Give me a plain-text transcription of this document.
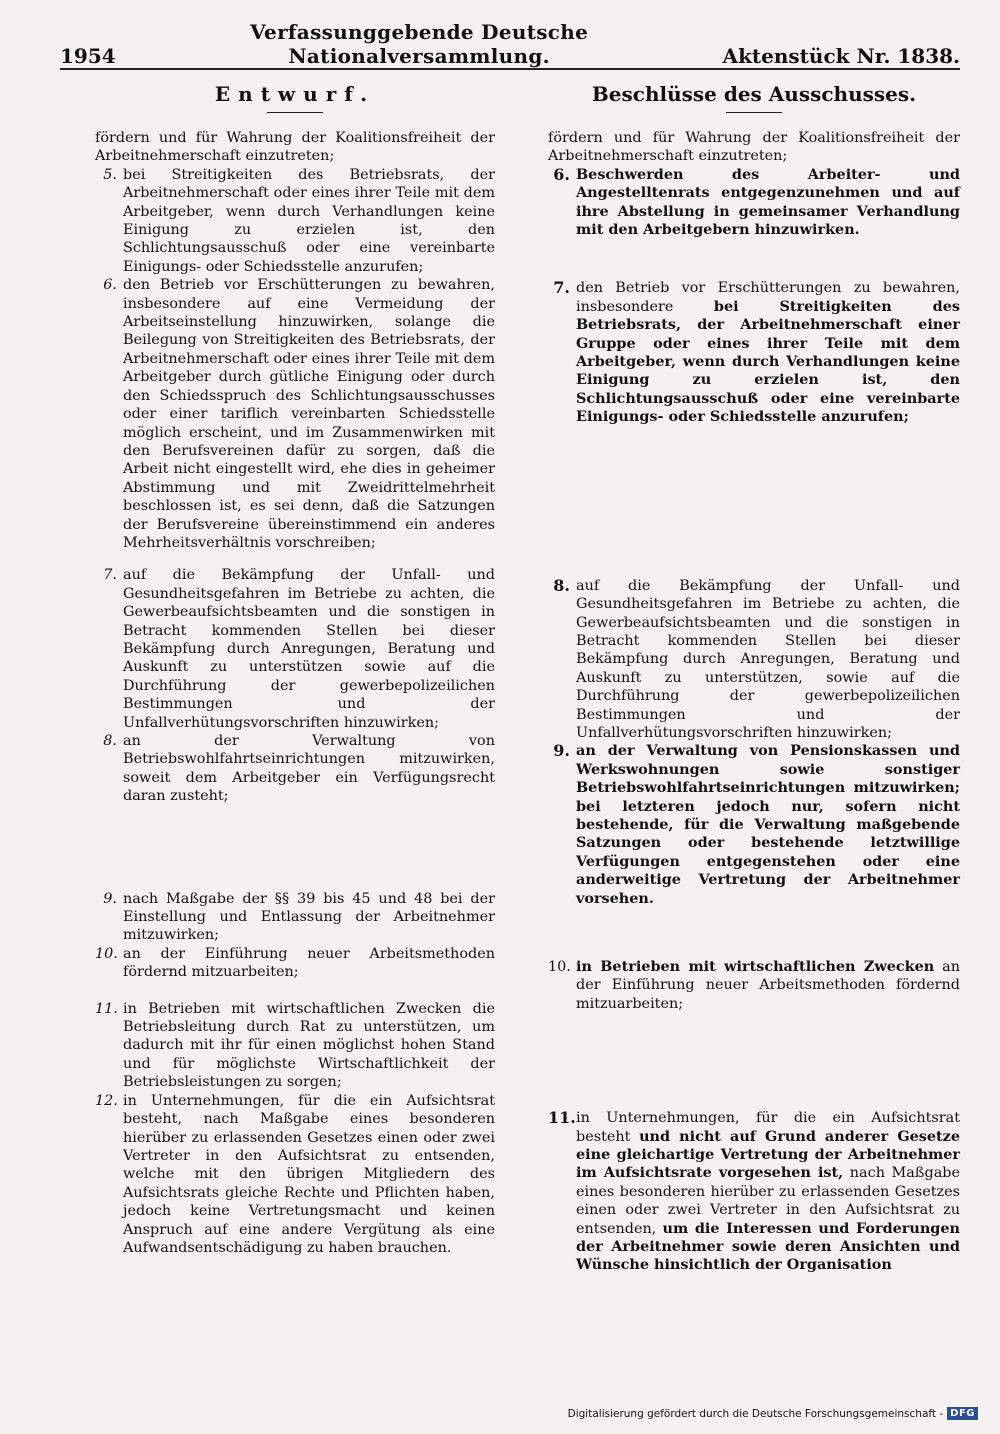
1954
Verfassunggebende Deutsche Nationalversammlung.	Aktenstück Nr. 1838.
Entwurf.

fördern und für Wahrung der Koalitionsfreiheit der Arbeitnehmerschaft einzutreten;

5. bei Streitigkeiten des Betriebsrats, der Arbeitnehmerschaft oder eines ihrer Teile mit dem Arbeitgeber, wenn durch Verhandlungen keine Einigung zu erzielen ist, den Schlichtungsausschuß oder eine vereinbarte Einigungs- oder Schiedsstelle anzurufen;
6. den Betrieb vor Erschütterungen zu bewahren, insbesondere auf eine Vermeidung der Arbeitseinstellung hinzuwirken, solange die Beilegung von Streitigkeiten des Betriebsrats, der Arbeitnehmerschaft oder eines ihrer Teile mit dem Arbeitgeber durch gütliche Einigung oder durch den Schiedsspruch des Schlichtungsausschusses oder einer tariflich vereinbarten Schiedsstelle möglich erscheint, und im Zusammenwirken mit den Berufsvereinen dafür zu sorgen, daß die Arbeit nicht eingestellt wird, ehe dies in geheimer Abstimmung und mit Zweidrittelmehrheit beschlossen ist, es sei denn, daß die Satzungen der Berufsvereine übereinstimmend ein anderes Mehrheitsverhältnis vorschreiben;
7. auf die Bekämpfung der Unfall- und Gesundheitsgefahren im Betriebe zu achten, die Gewerbeaufsichtsbeamten und die sonstigen in Betracht kommenden Stellen bei dieser Bekämpfung durch Anregungen, Beratung und Auskunft zu unterstützen sowie auf die Durchführung der gewerbepolizeilichen Bestimmungen und der Unfallverhütungsvorschriften hinzuwirken;
8. an der Verwaltung von Betriebswohlfahrtseinrichtungen mitzuwirken, soweit dem Arbeitgeber ein Verfügungsrecht daran zusteht;
9. nach Maßgabe der §§ 39 bis 45 und 48 bei der Einstellung und Entlassung der Arbeitnehmer mitzuwirken;
10. an der Einführung neuer Arbeitsmethoden fördernd mitzuarbeiten;
11. in Betrieben mit wirtschaftlichen Zwecken die Betriebsleitung durch Rat zu unterstützen, um dadurch mit ihr für einen möglichst hohen Stand und für möglichste Wirtschaftlichkeit der Betriebsleistungen zu sorgen;
12. in Unternehmungen, für die ein Aufsichtsrat besteht, nach Maßgabe eines besonderen hierüber zu erlassenden Gesetzes einen oder zwei Vertreter in den Aufsichtsrat zu entsenden, welche mit den übrigen Mitgliedern des Aufsichtsrats gleiche Rechte und Pflichten haben, jedoch keine Vertretungsmacht und keinen Anspruch auf eine andere Vergütung als eine Aufwandsentschädigung zu haben brauchen.
Beschlüsse des Ausschusses.

fördern und für Wahrung der Koalitionsfreiheit der Arbeitnehmerschaft einzutreten;

6. Beschwerden des Arbeiter- und Angestelltenrats entgegenzunehmen und auf ihre Abstellung in gemeinsamer Verhandlung mit den Arbeitgebern hinzuwirken.
7. den Betrieb vor Erschütterungen zu bewahren, insbesondere	bei Streitigkeiten des Betriebsrats, der Arbeitnehmerschaft einer Gruppe oder eines ihrer Teile mit dem Arbeitgeber, wenn durch Verhandlungen keine Einigung zu erzielen ist, den Schlichtungsausschuß oder eine vereinbarte Einigungs- oder Schiedsstelle anzurufen;
8. auf die Bekämpfung der Unfall- und Gesundheitsgefahren im Betriebe zu achten, die Gewerbeaufsichtsbeamten und die sonstigen in Betracht kommenden Stellen bei dieser Bekämpfung durch Anregungen, Beratung und Auskunft zu unterstützen, sowie auf die Durchführung der gewerbepolizeilichen Bestimmungen und der Unfallverhütungsvorschriften hinzuwirken;
9. an der Verwaltung von Pensionskassen und Werkswohnungen sowie sonstiger Betriebswohlfahrtseinrichtungen mitzuwirken; bei letzteren jedoch nur, sofern nicht bestehende, für die Verwaltung maßgebende Satzungen oder bestehende letztwillige Verfügungen entgegenstehen oder eine anderweitige Vertretung der Arbeitnehmer vorsehen.
10. in Betrieben mit wirtschaftlichen Zwecken an der Einführung neuer Arbeitsmethoden fördernd mitzuarbeiten;
11. in Unternehmungen, für die ein Aufsichtsrat besteht und nicht auf Grund anderer Gesetze eine gleichartige Vertretung der Arbeitnehmer im Aufsichtsrate vorgesehen ist, nach Maßgabe eines besonderen hierüber zu erlassenden Gesetzes einen oder zwei Vertreter in den Aufsichtsrat zu entsenden, um die Interessen und Forderungen der Arbeitnehmer sowie deren Ansichten und Wünsche hinsichtlich der Organisation
Digitalisierung gefördert durch die Deutsche Forschungsgemeinschaft - DFG
